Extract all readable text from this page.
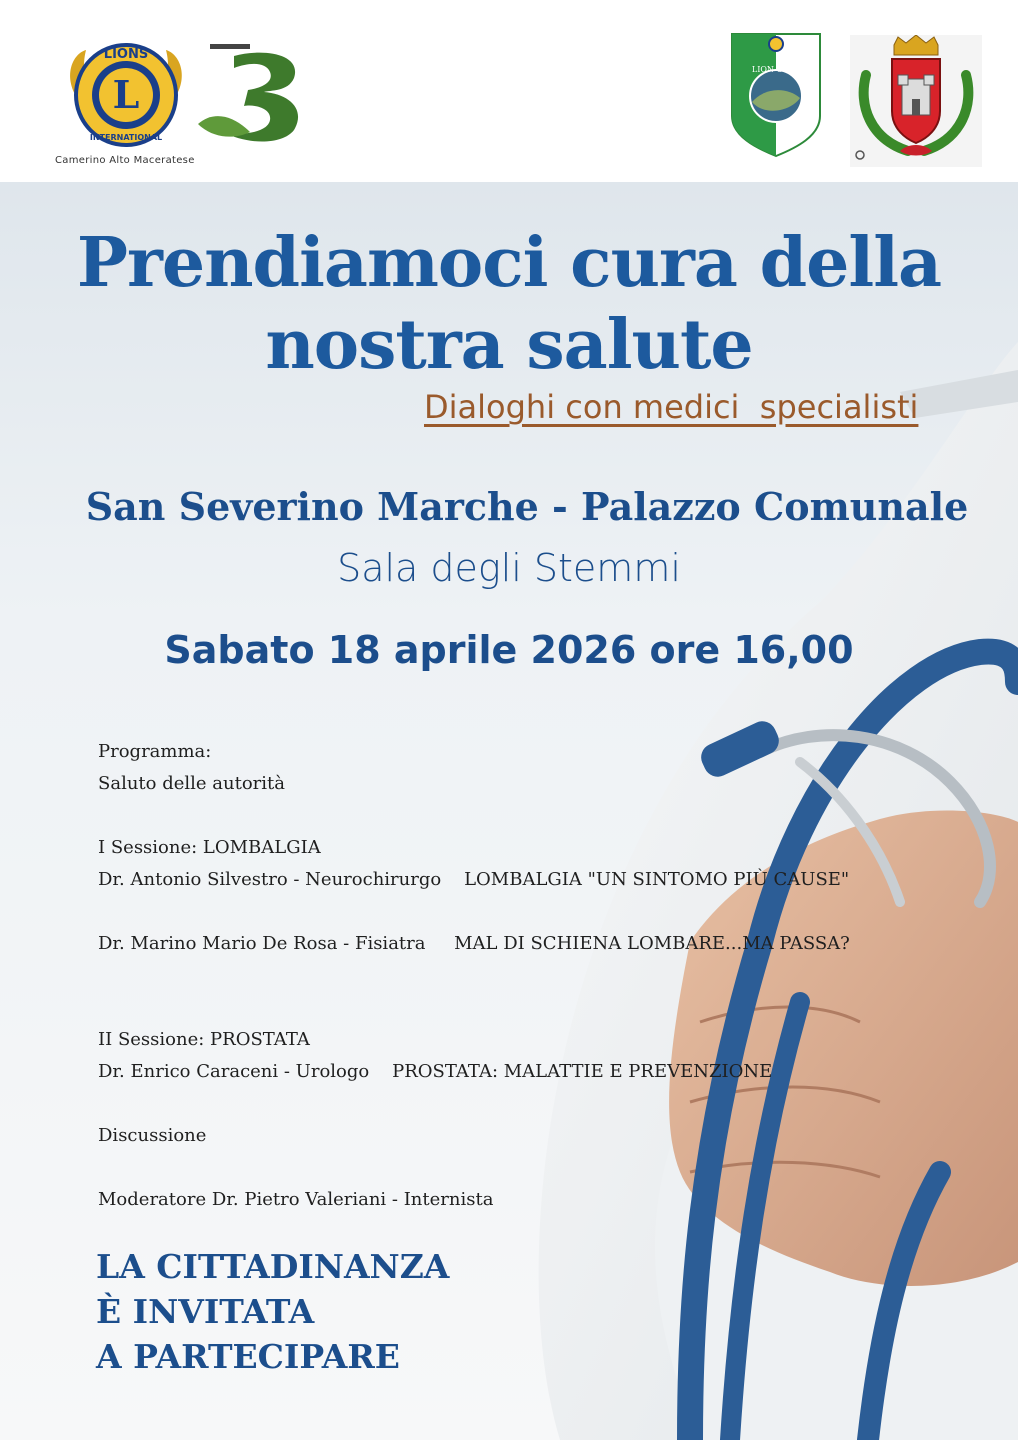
L
LIONS
INTERNATIONAL
Camerino Alto Maceratese
LION CLUB
Prendiamoci cura della
nostra salute
Dialoghi con medici  specialisti
San Severino Marche - Palazzo Comunale
Sala degli Stemmi
Sabato 18 aprile 2026 ore 16,00
Programma:
Saluto delle autorità
I Sessione: LOMBALGIA
Dr. Antonio Silvestro - Neurochirurgo    LOMBALGIA "UN SINTOMO PIÙ CAUSE"
Dr. Marino Mario De Rosa - Fisiatra     MAL DI SCHIENA LOMBARE...MA PASSA?
II Sessione: PROSTATA
Dr. Enrico Caraceni - Urologo    PROSTATA: MALATTIE E PREVENZIONE
Discussione
Moderatore Dr. Pietro Valeriani - Internista
LA CITTADINANZA
È INVITATA
A PARTECIPARE
